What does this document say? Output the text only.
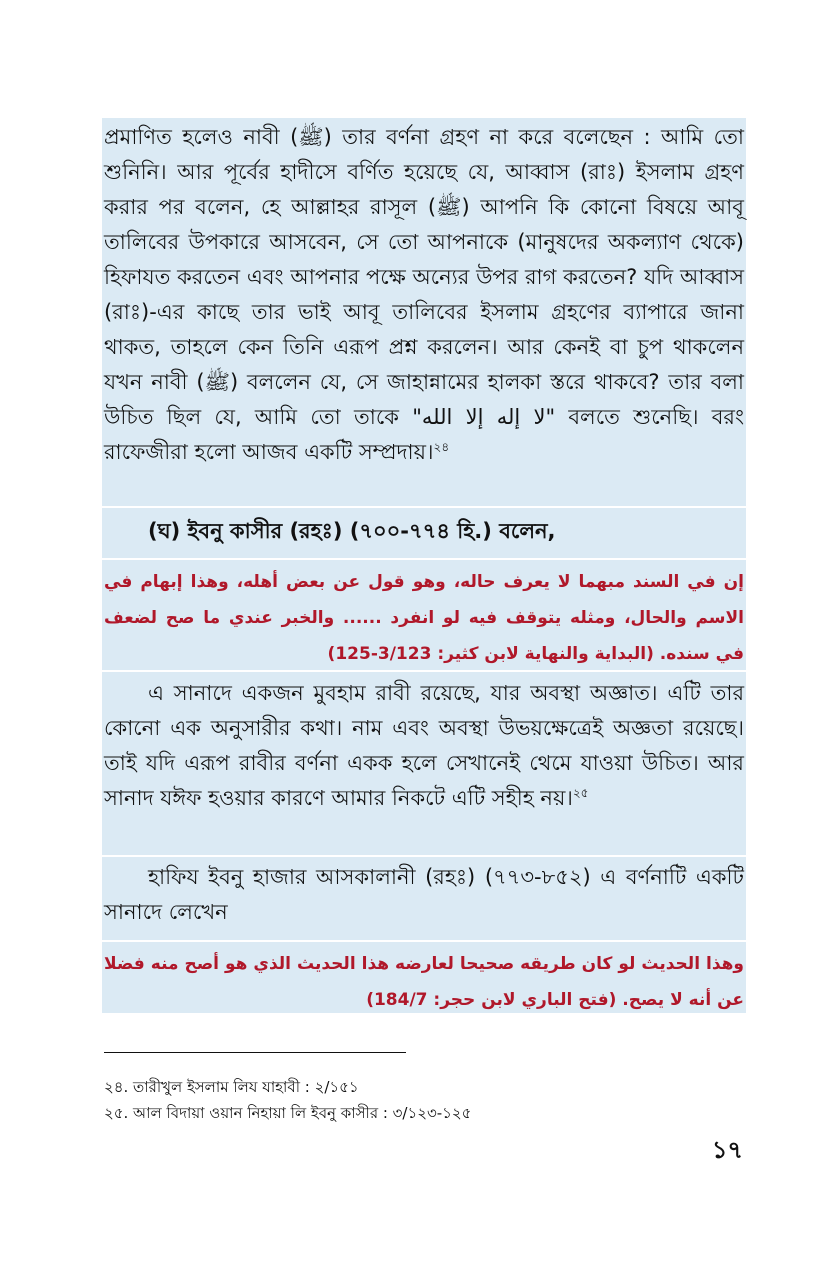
প্রমাণিত হলেও নাবী (ﷺ) তার বর্ণনা গ্রহণ না করে বলেছেন : আমি তো শুনিনি। আর পূর্বের হাদীসে বর্ণিত হয়েছে যে, আব্বাস (রাঃ) ইসলাম গ্রহণ করার পর বলেন, হে আল্লাহর রাসূল (ﷺ) আপনি কি কোনো বিষয়ে আবূ তালিবের উপকারে আসবেন, সে তো আপনাকে (মানুষদের অকল্যাণ থেকে) হিফাযত করতেন এবং আপনার পক্ষে অন্যের উপর রাগ করতেন? যদি আব্বাস (রাঃ)-এর কাছে তার ভাই আবূ তালিবের ইসলাম গ্রহণের ব্যাপারে জানা থাকত, তাহলে কেন তিনি এরূপ প্রশ্ন করলেন। আর কেনই বা চুপ থাকলেন যখন নাবী (ﷺ) বললেন যে, সে জাহান্নামের হালকা স্তরে থাকবে? তার বলা উচিত ছিল যে, আমি তো তাকে "لا إله إلا الله" বলতে শুনেছি। বরং রাফেজীরা হলো আজব একটি সম্প্রদায়।$^{২৪}$
(ঘ) ইবনু কাসীর (রহঃ) (৭০০-৭৭৪ হি.) বলেন,
إن في السند مبهما لا يعرف حاله، وهو قول عن بعض أهله، وهذا إبهام في الاسم والحال، ومثله يتوقف فيه لو انفرد ...... والخبر عندي ما صح لضعف في سنده. (البداية والنهاية لابن كثير: 3/123-125)
এ সানাদে একজন মুবহাম রাবী রয়েছে, যার অবস্থা অজ্ঞাত। এটি তার কোনো এক অনুসারীর কথা। নাম এবং অবস্থা উভয়ক্ষেত্রেই অজ্ঞতা রয়েছে। তাই যদি এরূপ রাবীর বর্ণনা একক হলে সেখানেই থেমে যাওয়া উচিত। আর সানাদ যঈফ হওয়ার কারণে আমার নিকটে এটি সহীহ নয়।$^{২৫}$
হাফিয ইবনু হাজার আসকালানী (রহঃ) (৭৭৩-৮৫২) এ বর্ণনাটি একটি সানাদে লেখেন
وهذا الحديث لو كان طريقه صحيحا لعارضه هذا الحديث الذي هو أصح منه فضلا عن أنه لا يصح. (فتح الباري لابن حجر: 184/7)
২৪. তারীখুল ইসলাম লিয যাহাবী : ২/১৫১
২৫. আল বিদায়া ওয়ান নিহায়া লি ইবনু কাসীর : ৩/১২৩-১২৫
১৭
